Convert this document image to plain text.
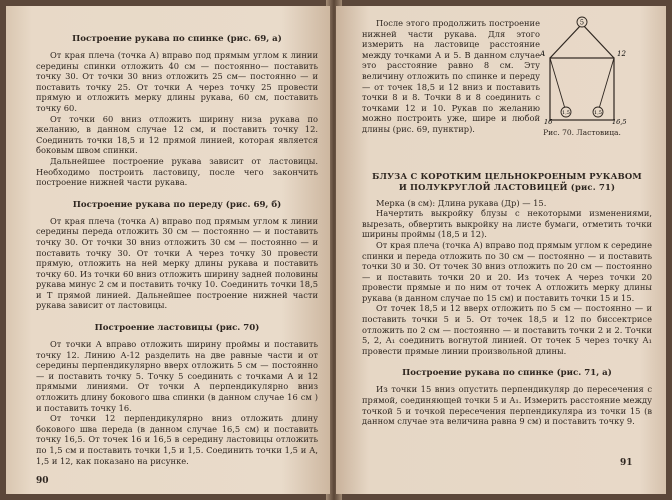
Построение рукава по спинке (рис. 69, а)

От края плеча (точка А) вправо под прямым углом к линии середины спинки отложить 40 см — постоянно— поставить точку 30. От точки 30 вниз отложить 25 см— постоянно — и поставить точку 25. От точки А через точку 25 провести прямую и отложить мерку длины рукава, 60 см, поставить точку 60.

От точки 60 вниз отложить ширину низа рукава по желанию, в данном случае 12 см, и поставить точку 12. Соединить точки 18,5 и 12 прямой линией, которая является боковым швом спинки.

Дальнейшее построение рукава зависит от ластовицы. Необходимо построить ластовицу, после чего закончить построение нижней части рукава.

Построение рукава по переду (рис. 69, б)

От края плеча (точка А) вправо под прямым углом к линии середины переда отложить 30 см — постоянно — и поставить точку 30. От точки 30 вниз отложить 30 см — постоянно — и поставить точку 30. От точки А через точку 30 провести прямую, отложить на ней мерку длины рукава и поставить точку 60. Из точки 60 вниз отложить ширину задней половины рукава минус 2 см и поставить точку 10. Соединить точки 18,5 и Т прямой линией. Дальнейшее построение нижней части рукава зависит от ластовицы.

Построение ластовицы (рис. 70)

От точки А вправо отложить ширину проймы и поставить точку 12. Линию А-12 разделить на две равные части и от середины перпендикулярно вверх отложить 5 см — постоянно — и поставить точку 5. Точку 5 соединить с точками А и 12 прямыми линиями. От точки А перпендикулярно вниз отложить длину бокового шва спинки (в данном случае 16 см ) и поставить точку 16.

От точки 12 перпендикулярно вниз отложить длину бокового шва переда (в данном случае 16,5 см) и поставить точку 16,5. От точек 16 и 16,5 в середину ластовицы отложить по 1,5 см и поставить точки 1,5 и 1,5. Соединить точки 1,5 и А, 1,5 и 12, как показано на рисунке.

90
5
А	12
1,5	1,5
16	16,5
Рис. 70. Ластовица.

После этого продолжить построение нижней части рукава. Для этого измерить на ластовице расстояние между точками А и 5. В данном случае это расстояние равно 8 см. Эту величину отложить по спинке и переду — от точек 18,5 и 12 вниз и поставить точки 8 и 8. Точки 8 и 8 соединить с точками 12 и 10. Рукав по желанию можно построить уже, шире и любой длины (рис. 69, пунктир).

БЛУЗА С КОРОТКИМ ЦЕЛЬНОКРОЕНЫМ РУКАВОМ
И ПОЛУКРУГЛОЙ ЛАСТОВИЦЕЙ (рис. 71)

Мерка (в см): Длина рукава (Др) — 15.

Начертить выкройку блузы с некоторыми изменениями, вырезать, обвертить выкройку на листе бумаги, отметить точки ширины проймы (18,5 и 12).

От края плеча (точка А) вправо под прямым углом к середине спинки и переда отложить по 30 см — постоянно — и поставить точки 30 и 30. От точек 30 вниз отложить по 20 см — постоянно — и поставить точки 20 и 20. Из точек А через точки 20 провести прямые и по ним от точек А отложить мерку длины рукава (в данном случае по 15 см) и поставить точки 15 и 15.

От точек 18,5 и 12 вверх отложить по 5 см — постоянно — и поставить точки 5 и 5. От точек 18,5 и 12 по биссектрисе отложить по 2 см — постоянно — и поставить точки 2 и 2. Точки 5, 2, А₁ соединить вогнутой линией. От точек 5 через точку А₁ провести прямые линии произвольной длины.

Построение рукава по спинке (рис. 71, а)

Из точки 15 вниз опустить перпендикуляр до пересечения с прямой, соединяющей точки 5 и А₁. Измерить расстояние между точкой 5 и точкой пересечения перпендикуляра из точки 15 (в данном случае эта величина равна 9 см) и поставить точку 9.

91
